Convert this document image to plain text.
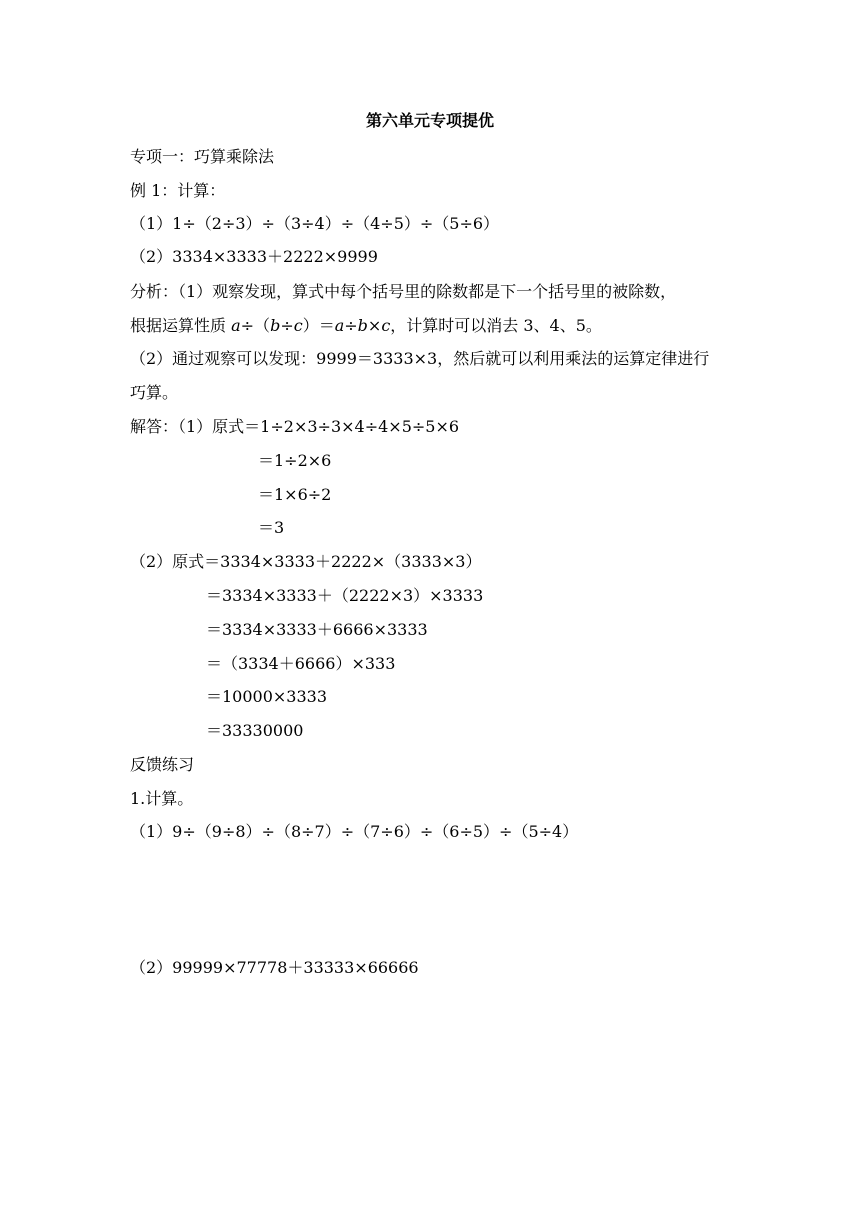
第六单元专项提优
专项一：巧算乘除法
例 1：计算：
（1）1÷（2÷3）÷（3÷4）÷（4÷5）÷（5÷6）
（2）3334×3333＋2222×9999
分析：（1）观察发现，算式中每个括号里的除数都是下一个括号里的被除数，
根据运算性质 a÷（b÷c）＝a÷b×c，计算时可以消去 3、4、5。
（2）通过观察可以发现：9999＝3333×3，然后就可以利用乘法的运算定律进行
巧算。
解答：（1）原式＝1÷2×3÷3×4÷4×5÷5×6
＝1÷2×6
＝1×6÷2
＝3
（2）原式＝3334×3333＋2222×（3333×3）
＝3334×3333＋（2222×3）×3333
＝3334×3333＋6666×3333
＝（3334＋6666）×333
＝10000×3333
＝33330000
反馈练习
1.计算。
（1）9÷（9÷8）÷（8÷7）÷（7÷6）÷（6÷5）÷（5÷4）
（2）99999×77778＋33333×66666
